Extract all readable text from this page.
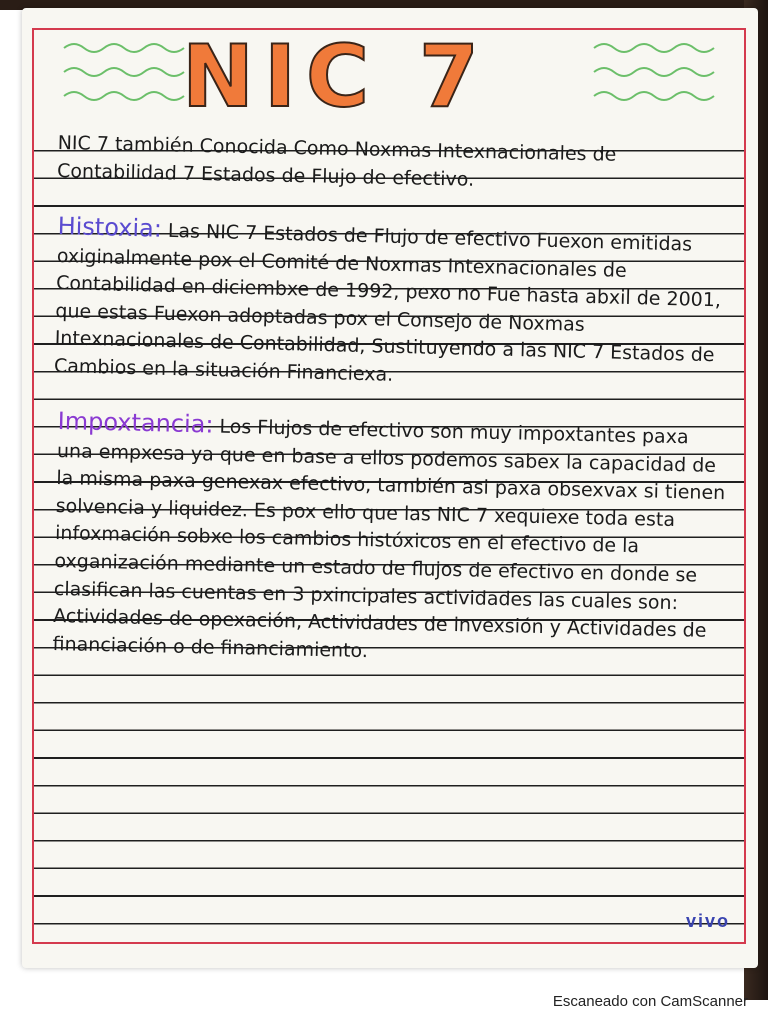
NIC 7

NIC 7 también Conocida Como Noxmas Intexnacionales de Contabilidad 7 Estados de Flujo de efectivo.

Histoxia: Las NIC 7 Estados de Flujo de efectivo Fuexon emitidas oxiginalmente pox el Comité de Noxmas Intexnacionales de Contabilidad en diciembxe de 1992, pexo no Fue hasta abxil de 2001, que estas Fuexon adoptadas pox el Consejo de Noxmas Intexnacionales de Contabilidad, Sustituyendo a las NIC 7 Estados de Cambios en la situación Financiexa.

Impoxtancia: Los Flujos de efectivo son muy impoxtantes paxa una empxesa ya que en base a ellos podemos sabex la capacidad de la misma paxa genexax efectivo, también asi paxa obsexvax si tienen solvencia y liquidez. Es pox ello que las NIC 7 xequiexe toda esta infoxmación sobxe los cambios históxicos en el efectivo de la oxganización mediante un estado de flujos de efectivo en donde se clasifican las cuentas en 3 pxincipales actividades las cuales son: Actividades de opexación, Actividades de invexsión y Actividades de financiación o de financiamiento.

vivo
Escaneado con CamScanner
